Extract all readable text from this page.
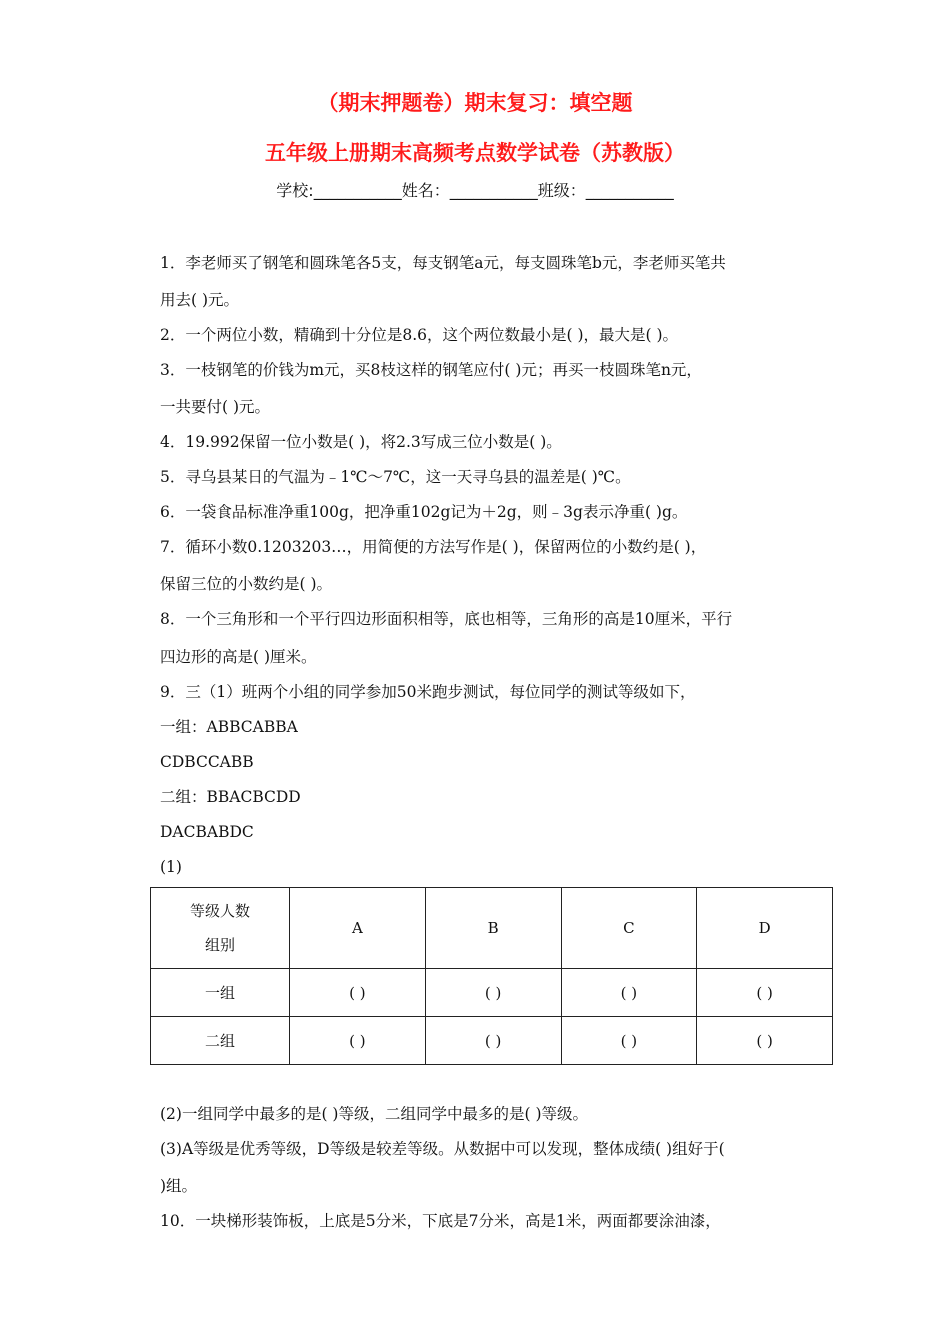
（期末押题卷）期末复习：填空题
五年级上册期末高频考点数学试卷（苏教版）
学校:___________姓名：___________班级：___________
1．李老师买了钢笔和圆珠笔各5支，每支钢笔a元，每支圆珠笔b元，李老师买笔共
用去( )元。
2．一个两位小数，精确到十分位是8.6，这个两位数最小是( )，最大是( )。
3．一枝钢笔的价钱为m元，买8枝这样的钢笔应付( )元；再买一枝圆珠笔n元，
一共要付( )元。
4．19.992保留一位小数是( )，将2.3写成三位小数是( )。
5．寻乌县某日的气温为﹣1℃～7℃，这一天寻乌县的温差是( )℃。
6．一袋食品标准净重100g，把净重102g记为＋2g，则﹣3g表示净重( )g。
7．循环小数0.1203203…，用简便的方法写作是( )，保留两位的小数约是( )，
保留三位的小数约是( )。
8．一个三角形和一个平行四边形面积相等，底也相等，三角形的高是10厘米，平行
四边形的高是( )厘米。
9．三（1）班两个小组的同学参加50米跑步测试，每位同学的测试等级如下，
一组：ABBCABBA
CDBCCABB
二组：BBACBCDD
DACBABDC
(1)
等级人数
组别	A	B	C	D
一组	( )	( )	( )	( )
二组	( )	( )	( )	( )
(2)一组同学中最多的是( )等级，二组同学中最多的是( )等级。
(3)A等级是优秀等级，D等级是较差等级。从数据中可以发现，整体成绩( )组好于(
)组。
10．一块梯形装饰板，上底是5分米，下底是7分米，高是1米，两面都要涂油漆，
